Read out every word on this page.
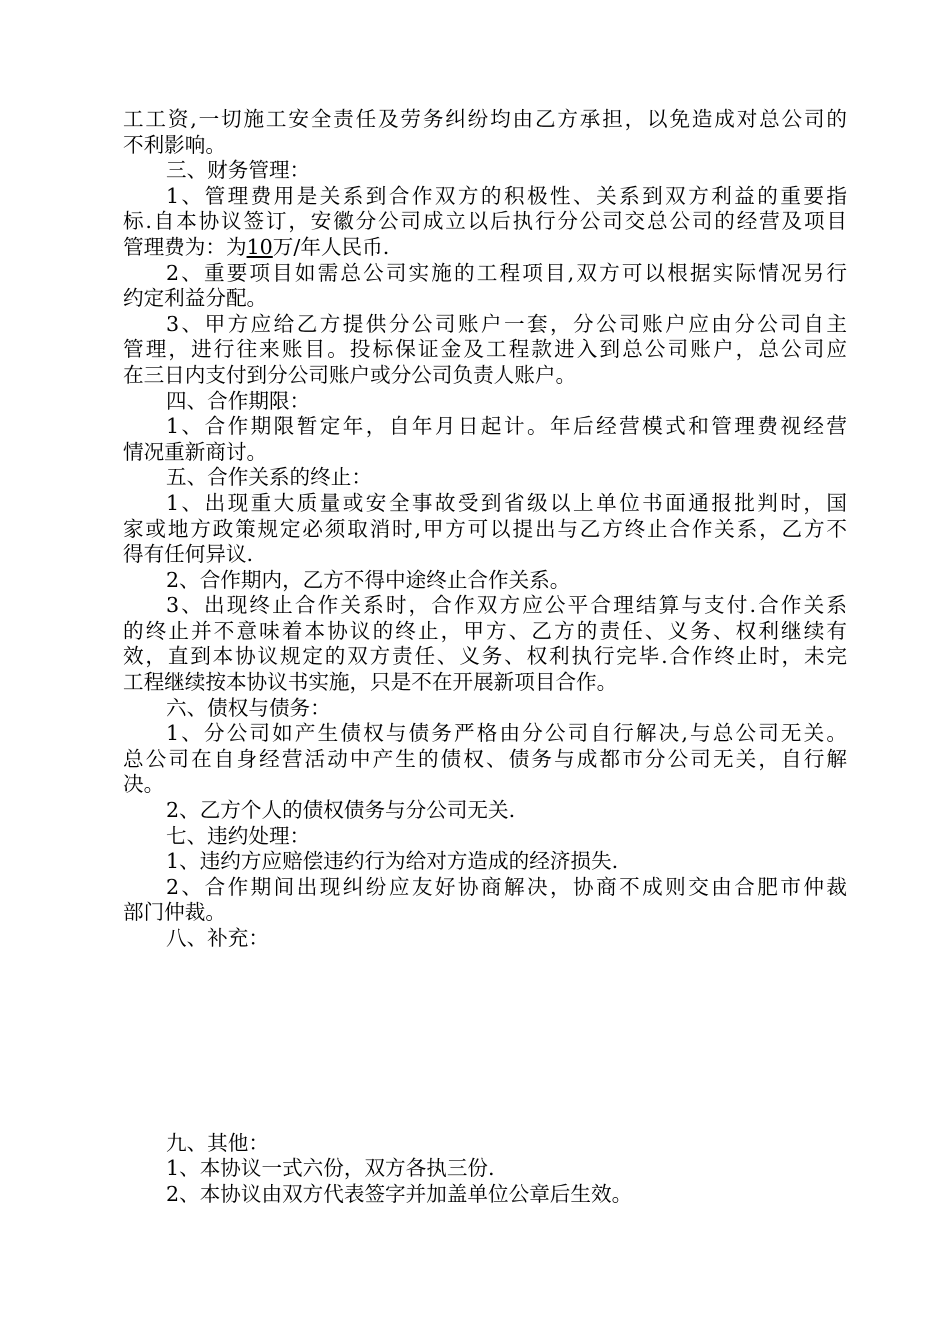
工工资,一切施工安全责任及劳务纠纷均由乙方承担，以免造成对总公司的
不利影响。
三、财务管理：
1、管理费用是关系到合作双方的积极性、关系到双方利益的重要指
标.自本协议签订，安徽分公司成立以后执行分公司交总公司的经营及项目
管理费为：为10万/年人民币.
2、重要项目如需总公司实施的工程项目,双方可以根据实际情况另行
约定利益分配。
3、甲方应给乙方提供分公司账户一套，分公司账户应由分公司自主
管理，进行往来账目。投标保证金及工程款进入到总公司账户，总公司应
在三日内支付到分公司账户或分公司负责人账户。
四、合作期限：
1、合作期限暂定年，自年月日起计。年后经营模式和管理费视经营
情况重新商讨。
五、合作关系的终止：
1、出现重大质量或安全事故受到省级以上单位书面通报批判时，国
家或地方政策规定必须取消时,甲方可以提出与乙方终止合作关系，乙方不
得有任何异议.
2、合作期内，乙方不得中途终止合作关系。
3、出现终止合作关系时，合作双方应公平合理结算与支付.合作关系
的终止并不意味着本协议的终止，甲方、乙方的责任、义务、权利继续有
效，直到本协议规定的双方责任、义务、权利执行完毕.合作终止时，未完
工程继续按本协议书实施，只是不在开展新项目合作。
六、债权与债务：
1、分公司如产生债权与债务严格由分公司自行解决,与总公司无关。
总公司在自身经营活动中产生的债权、债务与成都市分公司无关，自行解
决。
2、乙方个人的债权债务与分公司无关.
七、违约处理：
1、违约方应赔偿违约行为给对方造成的经济损失.
2、合作期间出现纠纷应友好协商解决，协商不成则交由合肥市仲裁
部门仲裁。
八、补充：
九、其他：
1、本协议一式六份，双方各执三份.
2、本协议由双方代表签字并加盖单位公章后生效。
